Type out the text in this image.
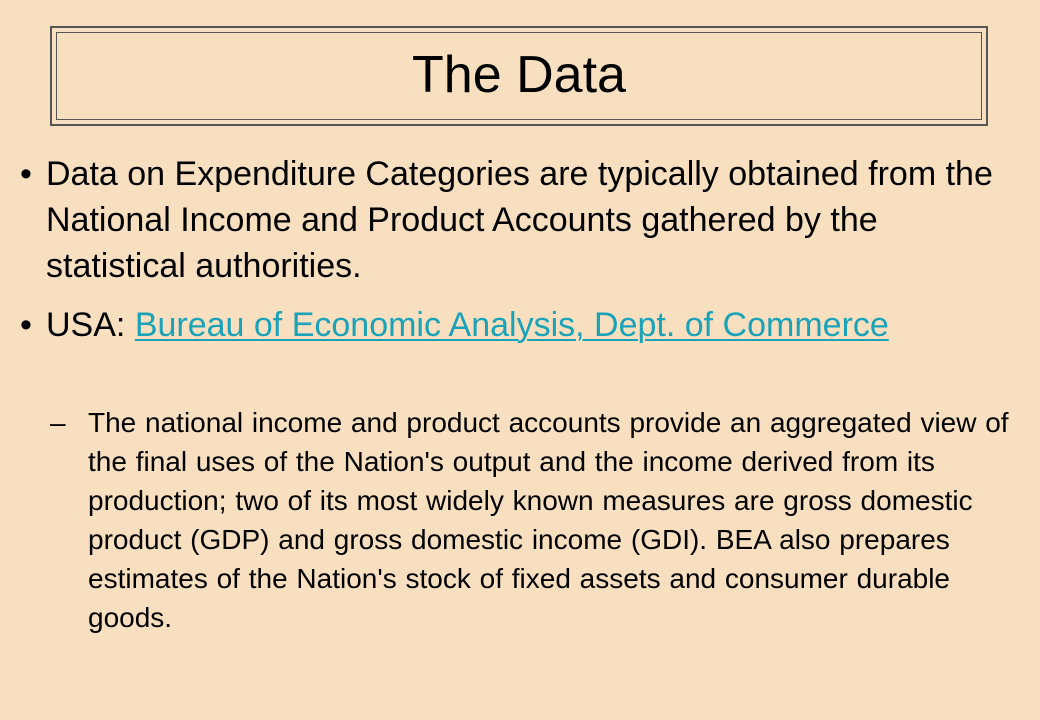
The Data
• Data on Expenditure Categories are typically obtained from the National Income and Product Accounts gathered by the statistical authorities.
• USA: Bureau of Economic Analysis, Dept. of Commerce
– The national income and product accounts provide an aggregated view of the final uses of the Nation's output and the income derived from its production; two of its most widely known measures are gross domestic product (GDP) and gross domestic income (GDI). BEA also prepares estimates of the Nation's stock of fixed assets and consumer durable goods.
